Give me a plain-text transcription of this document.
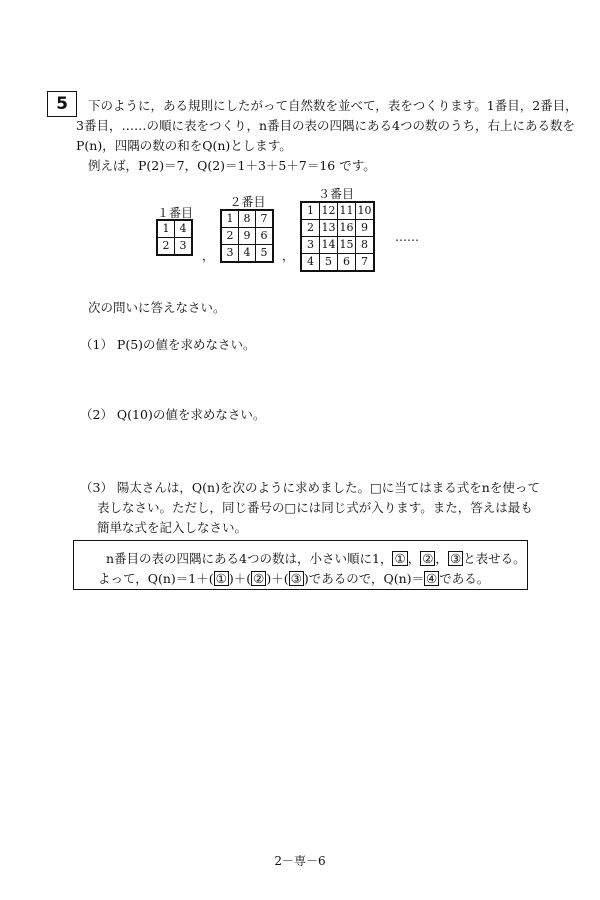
5	下のように，ある規則にしたがって自然数を並べて，表をつくります。1番目，2番目，
3番目，……の順に表をつくり，n番目の表の四隅にある4つの数のうち，右上にある数を
P(n)，四隅の数の和をQ(n)とします。
例えば，P(2)＝7，Q(2)＝1＋3＋5＋7＝16 です。
１番目
1	4
2	3
，
２番目
1	8	7
2	9	6
3	4	5 ，
３番目
1	12	11	10
2	13	16	9
3	14	15	8
4	5	6	7
……
次の問いに答えなさい。
（1） P(5)の値を求めなさい。
（2） Q(10)の値を求めなさい。
（3） 陽太さんは，Q(n)を次のように求めました。□に当てはまる式をnを使って
表しなさい。ただし，同じ番号の□には同じ式が入ります。また，答えは最も
簡単な式を記入しなさい。
n番目の表の四隅にある4つの数は，小さい順に1， ① ， ② ， ③ と表せる。
よって，Q(n)＝1＋( ① )＋( ② )＋( ③ )であるので，Q(n)＝ ④ である。
2－専－6
